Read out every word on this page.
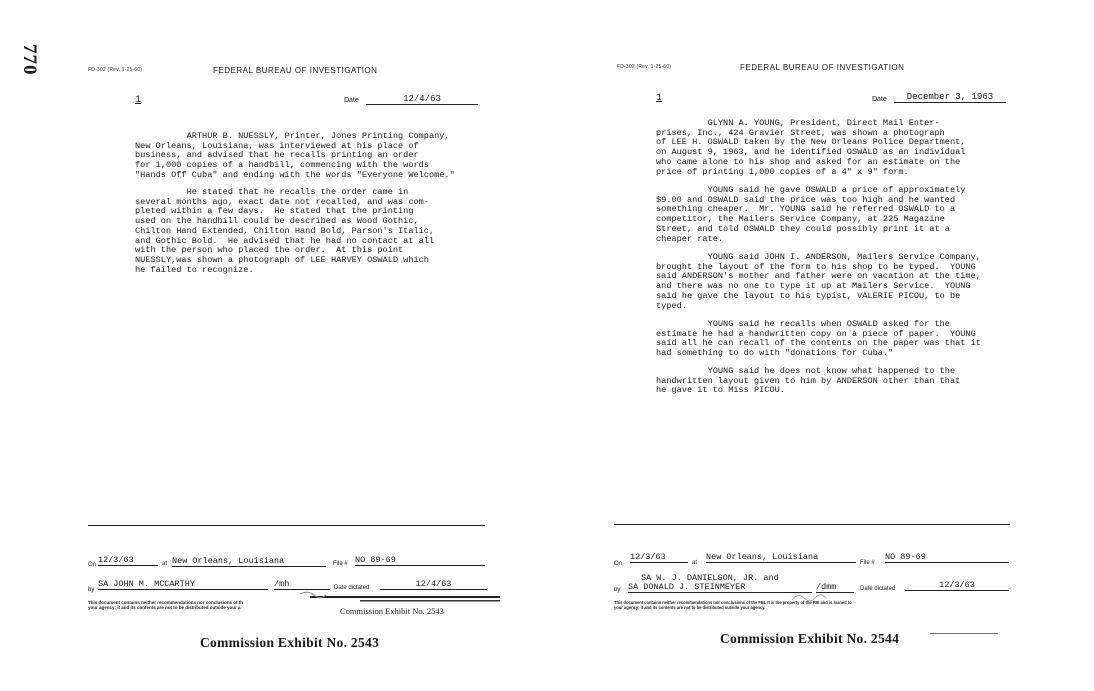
770	FD-302 (Rev. 1-25-60)	FEDERAL BUREAU OF INVESTIGATION
1	Date	12/4/63
ARTHUR B. NUESSLY, Printer, Jones Printing Company,
New Orleans, Louisiana, was interviewed at his place of
business, and advised that he recalls printing an order
for 1,000 copies of a handbill, commencing with the words
"Hands Off Cuba" and ending with the words "Everyone Welcome."
He stated that he recalls the order came in
several months ago, exact date not recalled, and was com-
pleted within a few days.  He stated that the printing
used on the handbill could be described as Wood Gothic,
Chilton Hand Extended, Chilton Hand Bold, Parson's Italic,
and Gothic Bold.  He advised that he had no contact at all
with the person who placed the order.  At this point
NUESSLY,was shown a photograph of LEE HARVEY OSWALD which
he failed to recognize.
On 12/3/63	at New Orleans, Louisiana	File # NO 89-69
by
SA JOHN M. MCCARTHY	/mh	Date dictated	12/4/63
This document contains neither recommendations nor conclusions of th
your agency; it and its contents are not to be distributed outside your a	Commission Exhibit No. 2543
Commission Exhibit No. 2543
FD-302 (Rev. 1-25-60)	FEDERAL BUREAU OF INVESTIGATION
1	Date	December 3, 1963
GLYNN A. YOUNG, President, Direct Mail Enter-
prises, Inc., 424 Gravier Street, was shown a photograph
of LEE H. OSWALD taken by the New Orleans Police Department,
on August 9, 1963, and he identified OSWALD as an individual
who came alone to his shop and asked for an estimate on the
price of printing 1,000 copies of a 4" x 9" form.
YOUNG said he gave OSWALD a price of approximately
$9.00 and OSWALD said the price was too high and he wanted
something cheaper.  Mr. YOUNG said he referred OSWALD to a
competitor, the Mailers Service Company, at 225 Magazine
Street, and told OSWALD they could possibly print it at a
cheaper rate.
YOUNG said JOHN I. ANDERSON, Mailers Service Company,
brought the layout of the form to his shop to be typed.  YOUNG
said ANDERSON's mother and father were on vacation at the time,
and there was no one to type it up at Mailers Service.  YOUNG
said he gave the layout to his typist, VALERIE PICOU, to be
typed.
YOUNG said he recalls when OSWALD asked for the
estimate he had a handwritten copy on a piece of paper.  YOUNG
said all he can recall of the contents on the paper was that it
had something to do with "donations for Cuba."
YOUNG said he does not know what happened to the
handwritten layout given to him by ANDERSON other than that
he gave it to Miss PICOU.
On
12/3/63
at
New Orleans, Louisiana
File #
NO 89-69
SA W. J. DANIELSON, JR. and
by SA DONALD J. STEINMEYER	/dmm	Date dictated	12/3/63
This document contains neither recommendations nor conclusions of the FBI. It is the property of the FBI and is loaned to
your agency; it and its contents are not to be distributed outside your agency.
Commission Exhibit No. 2544
